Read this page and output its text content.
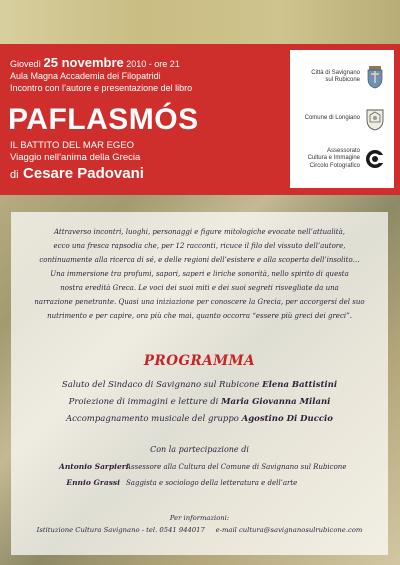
Giovedì 25 novembre 2010 - ore 21
Aula Magna Accademia dei Filopatridi
Incontro con l’autore e presentazione del libro
PAFLASMÓS
IL BATTITO DEL MAR EGEO
Viaggio nell’anima della Grecia
di Cesare Padovani
Città di Savignano
sul Rubicone
Comune di Longiano
Assessorato
Cultura e Immagine
Circolo Fotografico
Attraverso incontri, luoghi, personaggi e figure mitologiche evocate nell’attualità,
ecco una fresca rapsodia che, per 12 racconti, ricuce il filo del vissuto dell’autore,
continuamente alla ricerca di sé, e delle regioni dell’esistere e alla scoperta dell’insolito…
Una immersione tra profumi, sapori, saperi e liriche sonorità, nello spirito di questa
nostra eredità Greca. Le voci dei suoi miti e dei suoi segreti risvegliate da una
narrazione penetrante. Quasi una iniziazione per conoscere la Grecia, per accorgersi del suo
nutrimento e per capire, ora più che mai, quanto occorra “essere più greci dei greci”.
PROGRAMMA
Saluto del Sindaco di Savignano sul Rubicone Elena Battistini
Proiezione di immagini e letture di Maria Giovanna Milani
Accompagnamento musicale del gruppo Agostino Di Duccio
Con la partecipazione di
Antonio SarpieriAssessore alla Cultura del Comune di Savignano sul Rubicone
Ennio Grassi Saggista e sociologo della letteratura e dell’arte
Per informazioni:
Istituzione Cultura Savignano - tel. 0541 944017     e-mail cultura@savignanosulrubicone.com
